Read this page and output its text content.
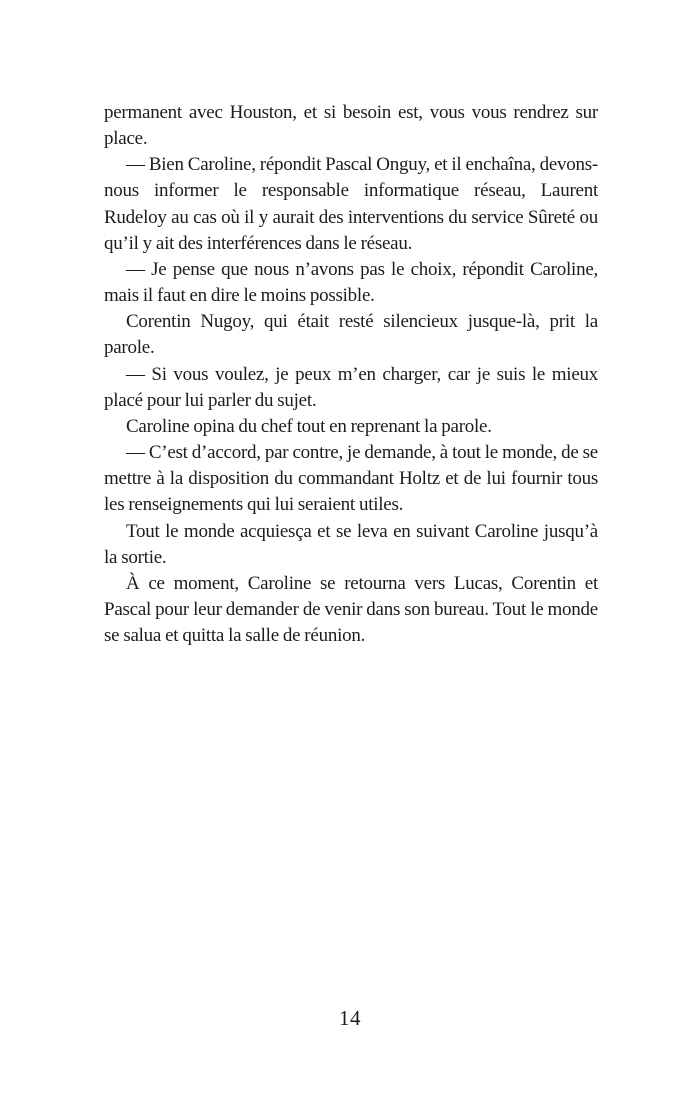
permanent avec Houston, et si besoin est, vous vous rendrez sur place.

— Bien Caroline, répondit Pascal Onguy, et il enchaîna, devons-nous informer le responsable informatique réseau, Laurent Rudeloy au cas où il y aurait des interventions du service Sûreté ou qu’il y ait des interférences dans le réseau.

— Je pense que nous n’avons pas le choix, répondit Caroline, mais il faut en dire le moins possible.

Corentin Nugoy, qui était resté silencieux jusque-là, prit la parole.

— Si vous voulez, je peux m’en charger, car je suis le mieux placé pour lui parler du sujet.

Caroline opina du chef tout en reprenant la parole.

— C’est d’accord, par contre, je demande, à tout le monde, de se mettre à la disposition du commandant Holtz et de lui fournir tous les renseignements qui lui seraient utiles.

Tout le monde acquiesça et se leva en suivant Caroline jusqu’à la sortie.

À ce moment, Caroline se retourna vers Lucas, Corentin et Pascal pour leur demander de venir dans son bureau. Tout le monde se salua et quitta la salle de réunion.

14
